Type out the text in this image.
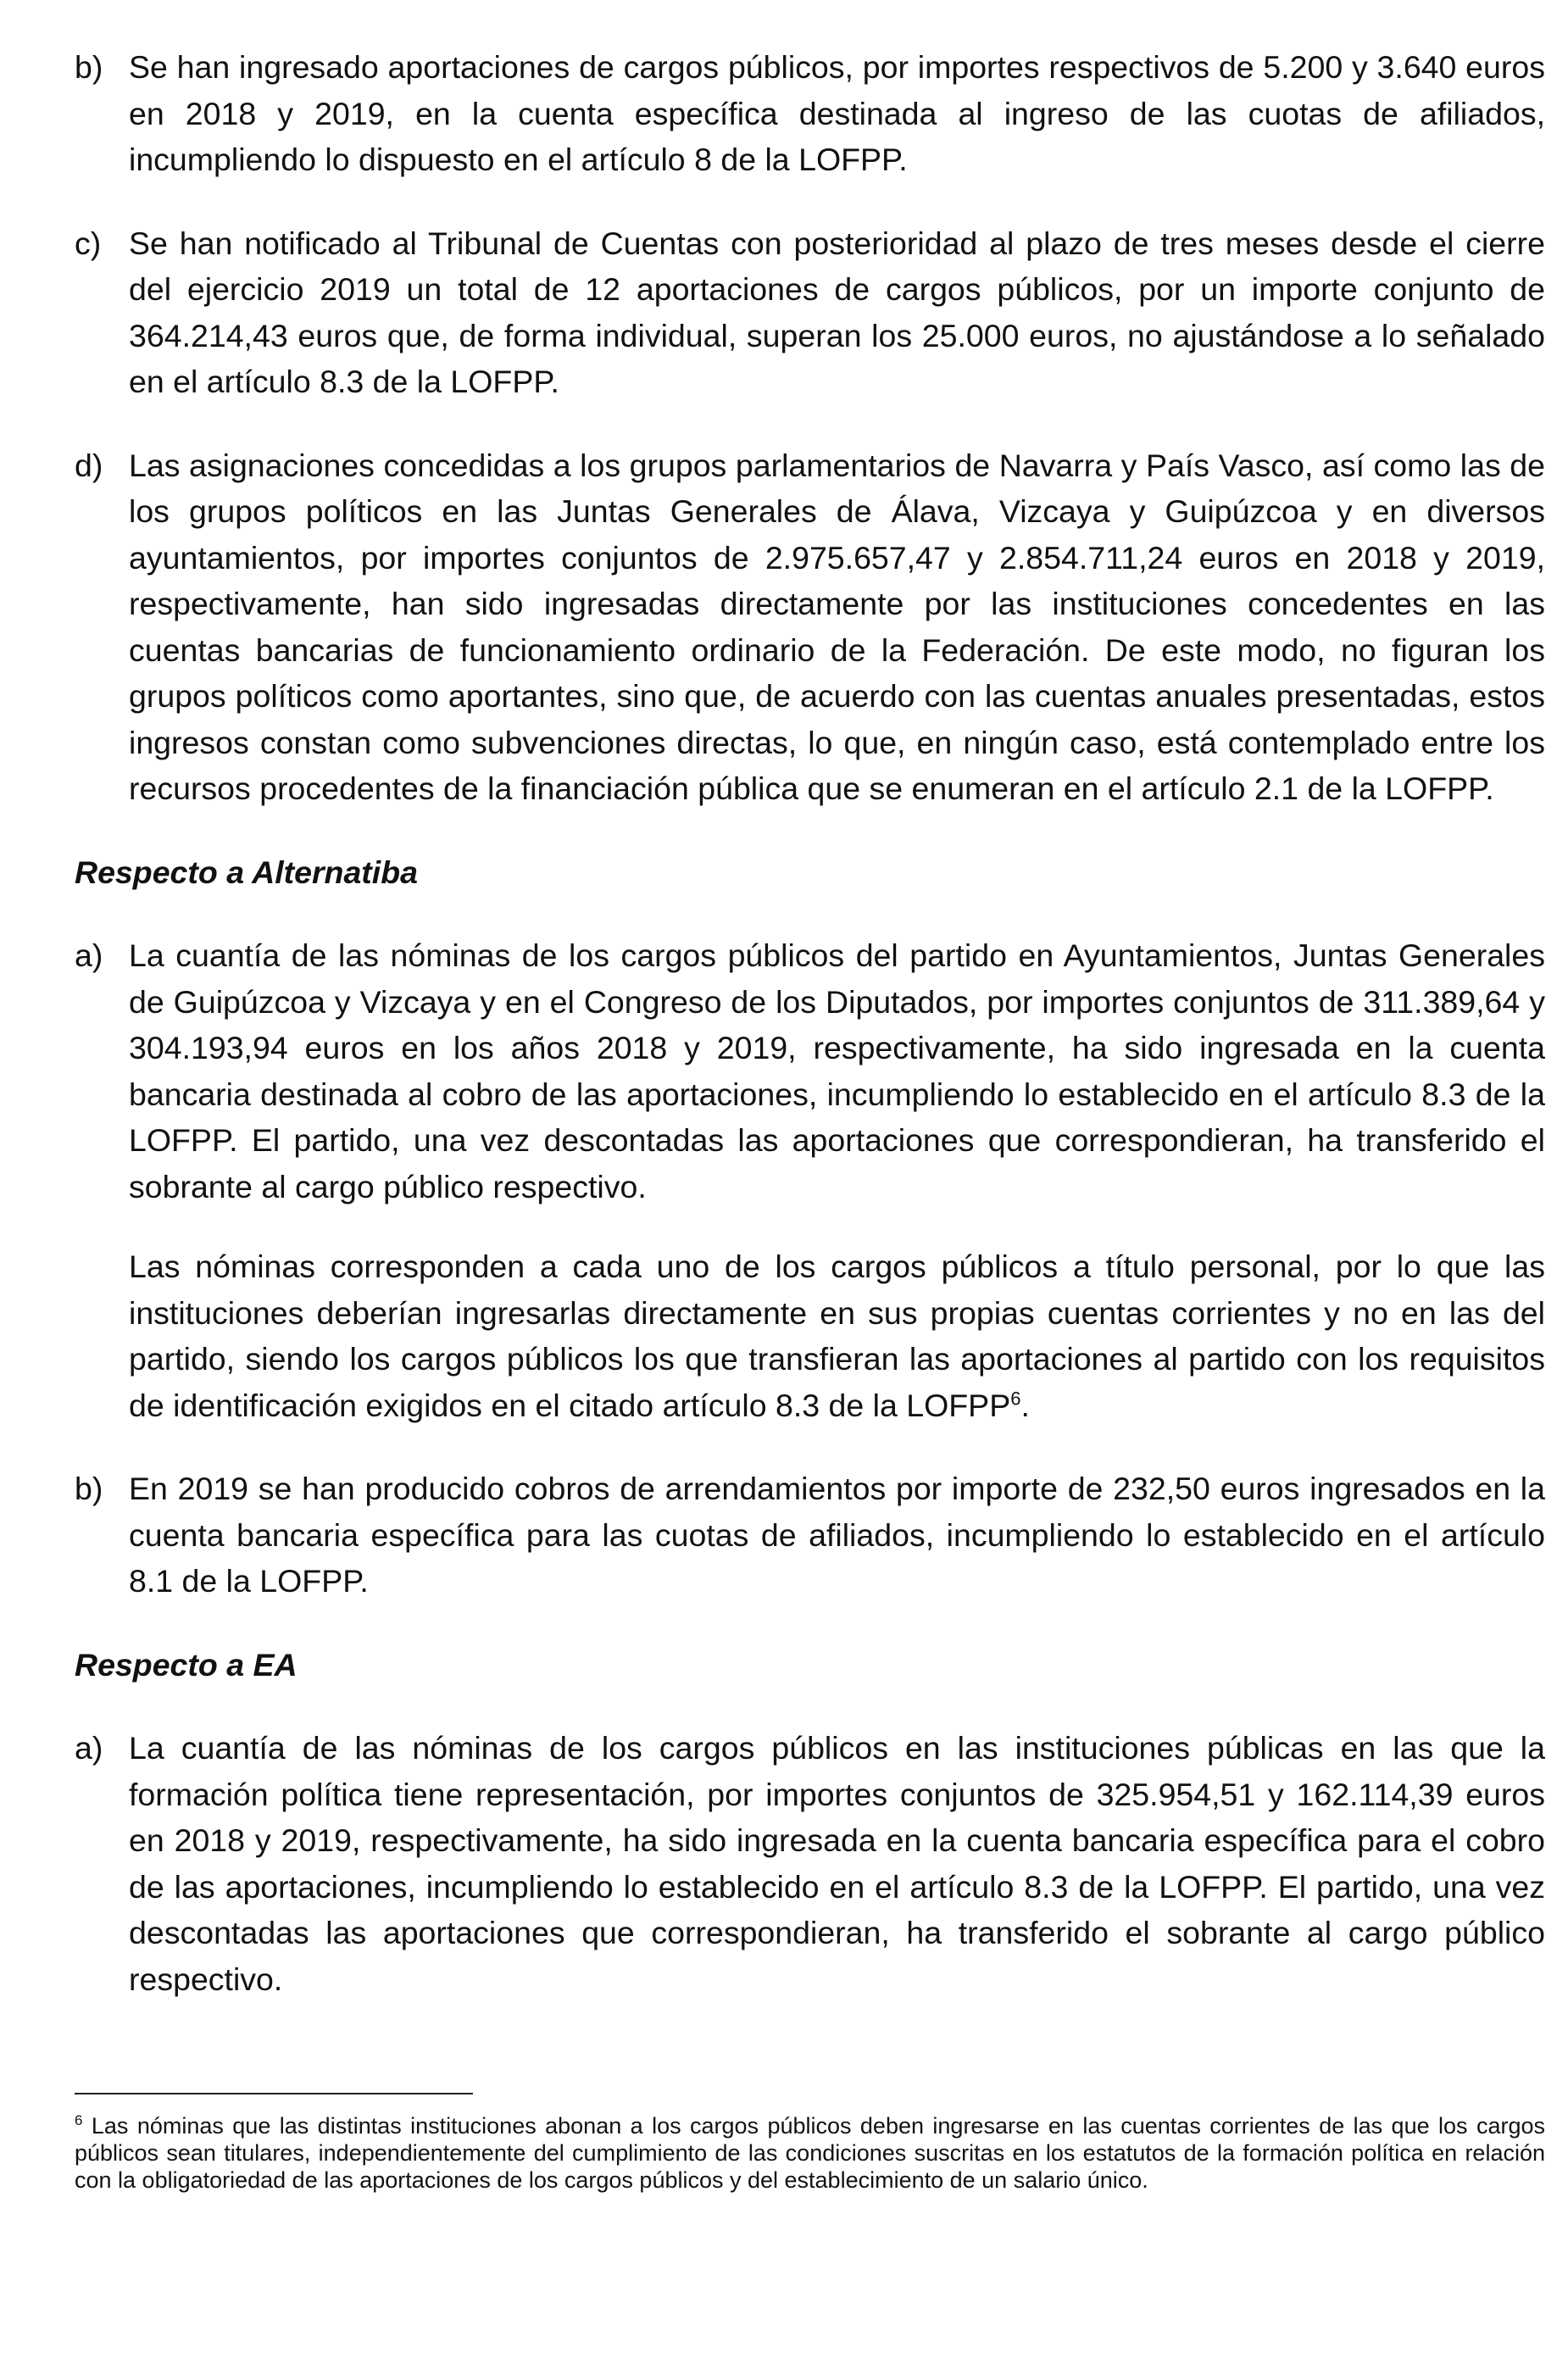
b) Se han ingresado aportaciones de cargos públicos, por importes respectivos de 5.200 y 3.640 euros en 2018 y 2019, en la cuenta específica destinada al ingreso de las cuotas de afiliados, incumpliendo lo dispuesto en el artículo 8 de la LOFPP.
c) Se han notificado al Tribunal de Cuentas con posterioridad al plazo de tres meses desde el cierre del ejercicio 2019 un total de 12 aportaciones de cargos públicos, por un importe conjunto de 364.214,43 euros que, de forma individual, superan los 25.000 euros, no ajustándose a lo señalado en el artículo 8.3 de la LOFPP.
d) Las asignaciones concedidas a los grupos parlamentarios de Navarra y País Vasco, así como las de los grupos políticos en las Juntas Generales de Álava, Vizcaya y Guipúzcoa y en diversos ayuntamientos, por importes conjuntos de 2.975.657,47 y 2.854.711,24 euros en 2018 y 2019, respectivamente, han sido ingresadas directamente por las instituciones concedentes en las cuentas bancarias de funcionamiento ordinario de la Federación. De este modo, no figuran los grupos políticos como aportantes, sino que, de acuerdo con las cuentas anuales presentadas, estos ingresos constan como subvenciones directas, lo que, en ningún caso, está contemplado entre los recursos procedentes de la financiación pública que se enumeran en el artículo 2.1 de la LOFPP.

Respecto a Alternatiba

a) La cuantía de las nóminas de los cargos públicos del partido en Ayuntamientos, Juntas Generales de Guipúzcoa y Vizcaya y en el Congreso de los Diputados, por importes conjuntos de 311.389,64 y 304.193,94 euros en los años 2018 y 2019, respectivamente, ha sido ingresada en la cuenta bancaria destinada al cobro de las aportaciones, incumpliendo lo establecido en el artículo 8.3 de la LOFPP. El partido, una vez descontadas las aportaciones que correspondieran, ha transferido el sobrante al cargo público respectivo.

Las nóminas corresponden a cada uno de los cargos públicos a título personal, por lo que las instituciones deberían ingresarlas directamente en sus propias cuentas corrientes y no en las del partido, siendo los cargos públicos los que transfieran las aportaciones al partido con los requisitos de identificación exigidos en el citado artículo 8.3 de la LOFPP$^6$.

b) En 2019 se han producido cobros de arrendamientos por importe de 232,50 euros ingresados en la cuenta bancaria específica para las cuotas de afiliados, incumpliendo lo establecido en el artículo 8.1 de la LOFPP.

Respecto a EA

a) La cuantía de las nóminas de los cargos públicos en las instituciones públicas en las que la formación política tiene representación, por importes conjuntos de 325.954,51 y 162.114,39 euros en 2018 y 2019, respectivamente, ha sido ingresada en la cuenta bancaria específica para el cobro de las aportaciones, incumpliendo lo establecido en el artículo 8.3 de la LOFPP. El partido, una vez descontadas las aportaciones que correspondieran, ha transferido el sobrante al cargo público respectivo.
$^6$ Las nóminas que las distintas instituciones abonan a los cargos públicos deben ingresarse en las cuentas corrientes de las que los cargos públicos sean titulares, independientemente del cumplimiento de las condiciones suscritas en los estatutos de la formación política en relación con la obligatoriedad de las aportaciones de los cargos públicos y del establecimiento de un salario único.
